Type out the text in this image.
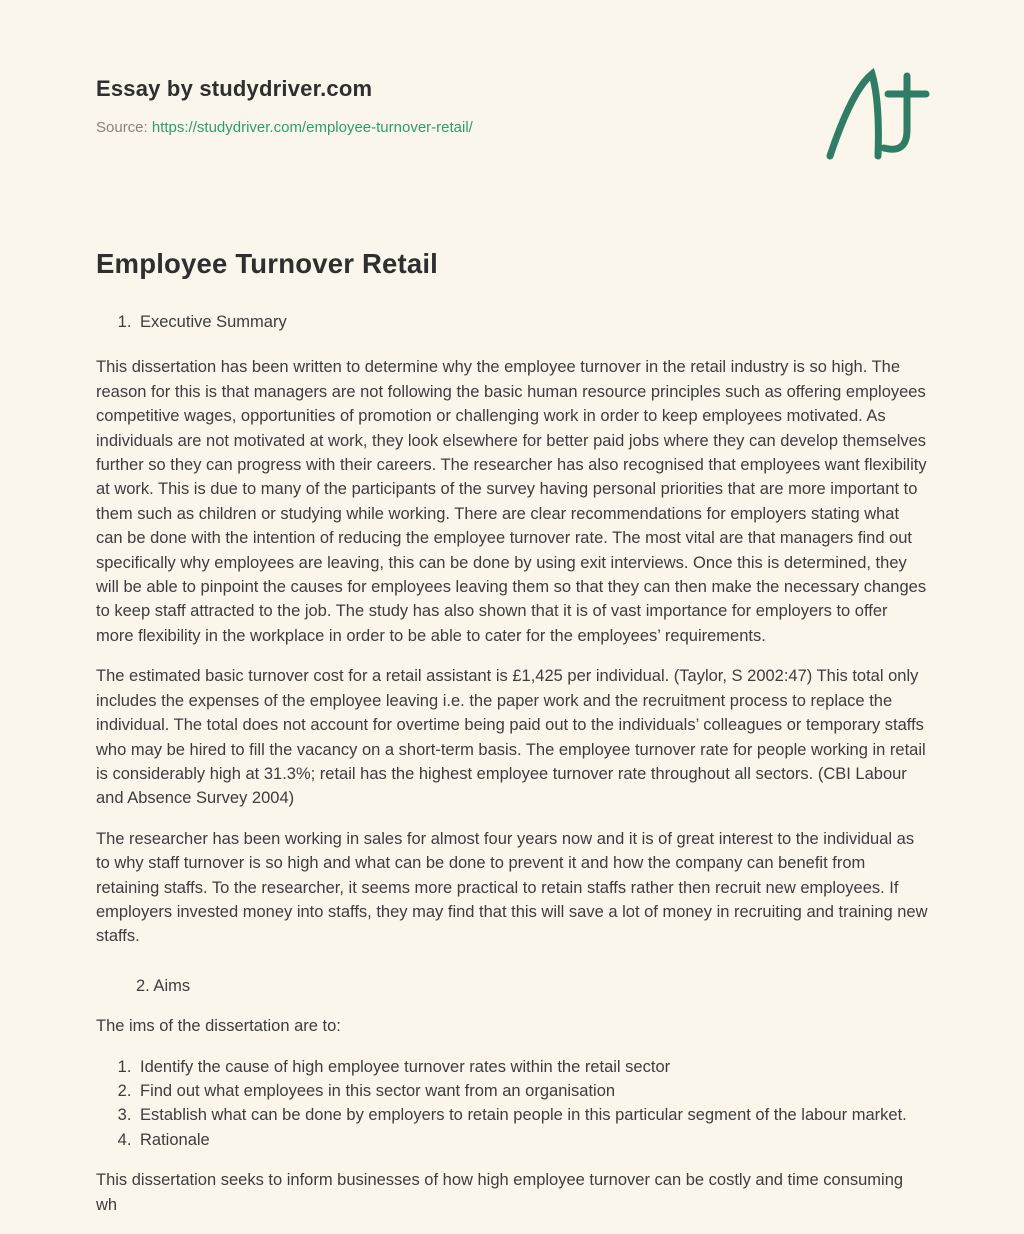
Essay by studydriver.com

Source: https://studydriver.com/employee-turnover-retail/

Employee Turnover Retail
1. Executive Summary

This dissertation has been written to determine why the employee turnover in the retail industry is so high. The reason for this is that managers are not following the basic human resource principles such as offering employees competitive wages, opportunities of promotion or challenging work in order to keep employees motivated. As individuals are not motivated at work, they look elsewhere for better paid jobs where they can develop themselves further so they can progress with their careers. The researcher has also recognised that employees want flexibility at work. This is due to many of the participants of the survey having personal priorities that are more important to them such as children or studying while working. There are clear recommendations for employers stating what can be done with the intention of reducing the employee turnover rate. The most vital are that managers find out specifically why employees are leaving, this can be done by using exit interviews. Once this is determined, they will be able to pinpoint the causes for employees leaving them so that they can then make the necessary changes to keep staff attracted to the job. The study has also shown that it is of vast importance for employers to offer more flexibility in the workplace in order to be able to cater for the employees’ requirements.

The estimated basic turnover cost for a retail assistant is £1,425 per individual. (Taylor, S 2002:47) This total only includes the expenses of the employee leaving i.e. the paper work and the recruitment process to replace the individual. The total does not account for overtime being paid out to the individuals’ colleagues or temporary staffs who may be hired to fill the vacancy on a short-term basis. The employee turnover rate for people working in retail is considerably high at 31.3%; retail has the highest employee turnover rate throughout all sectors. (CBI Labour and Absence Survey 2004)

The researcher has been working in sales for almost four years now and it is of great interest to the individual as to why staff turnover is so high and what can be done to prevent it and how the company can benefit from retaining staffs. To the researcher, it seems more practical to retain staffs rather then recruit new employees. If employers invested money into staffs, they may find that this will save a lot of money in recruiting and training new staffs.

2. Aims

The ims of the dissertation are to:

1. Identify the cause of high employee turnover rates within the retail sector
2. Find out what employees in this sector want from an organisation
3. Establish what can be done by employers to retain people in this particular segment of the labour market.
4. Rationale

This dissertation seeks to inform businesses of how high employee turnover can be costly and time consuming wh
